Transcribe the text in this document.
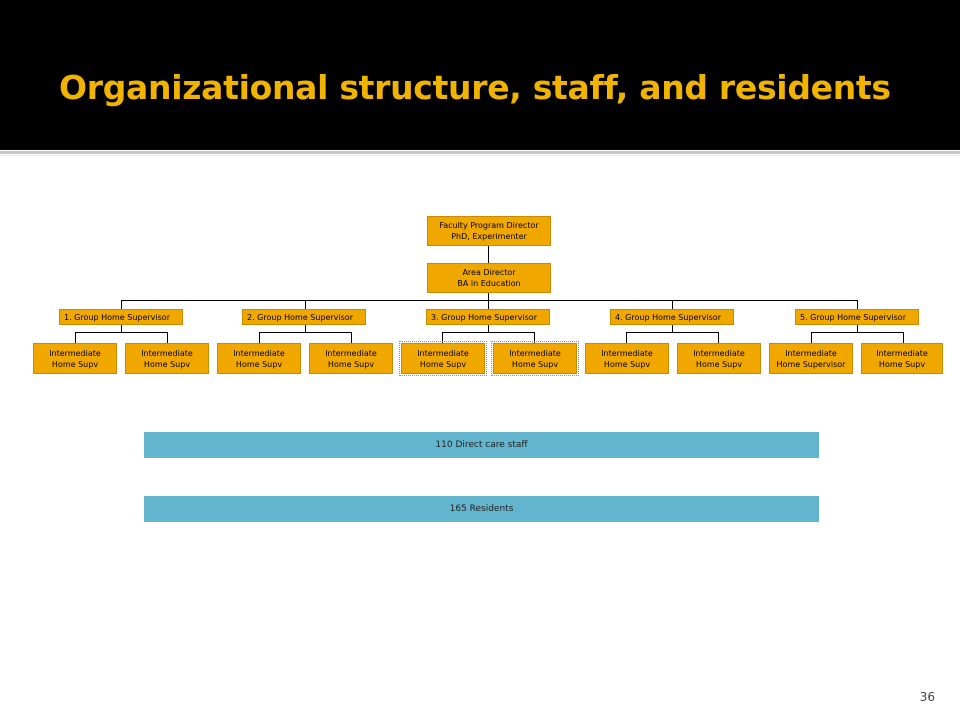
Organizational structure, staff, and residents
Faculty Program Director
PhD, Experimenter
Area Director
BA in Education
1. Group Home Supervisor	2. Group Home Supervisor	3. Group Home Supervisor	4. Group Home Supervisor	5. Group Home Supervisor
Intermediate
Home Supv
Intermediate
Home Supv
Intermediate
Home Supv
Intermediate
Home Supv
Intermediate
Home Supv
Intermediate
Home Supv
Intermediate
Home Supv
Intermediate
Home Supv
Intermediate
Home Supervisor
Intermediate
Home Supv
110 Direct care staff
165 Residents
36
